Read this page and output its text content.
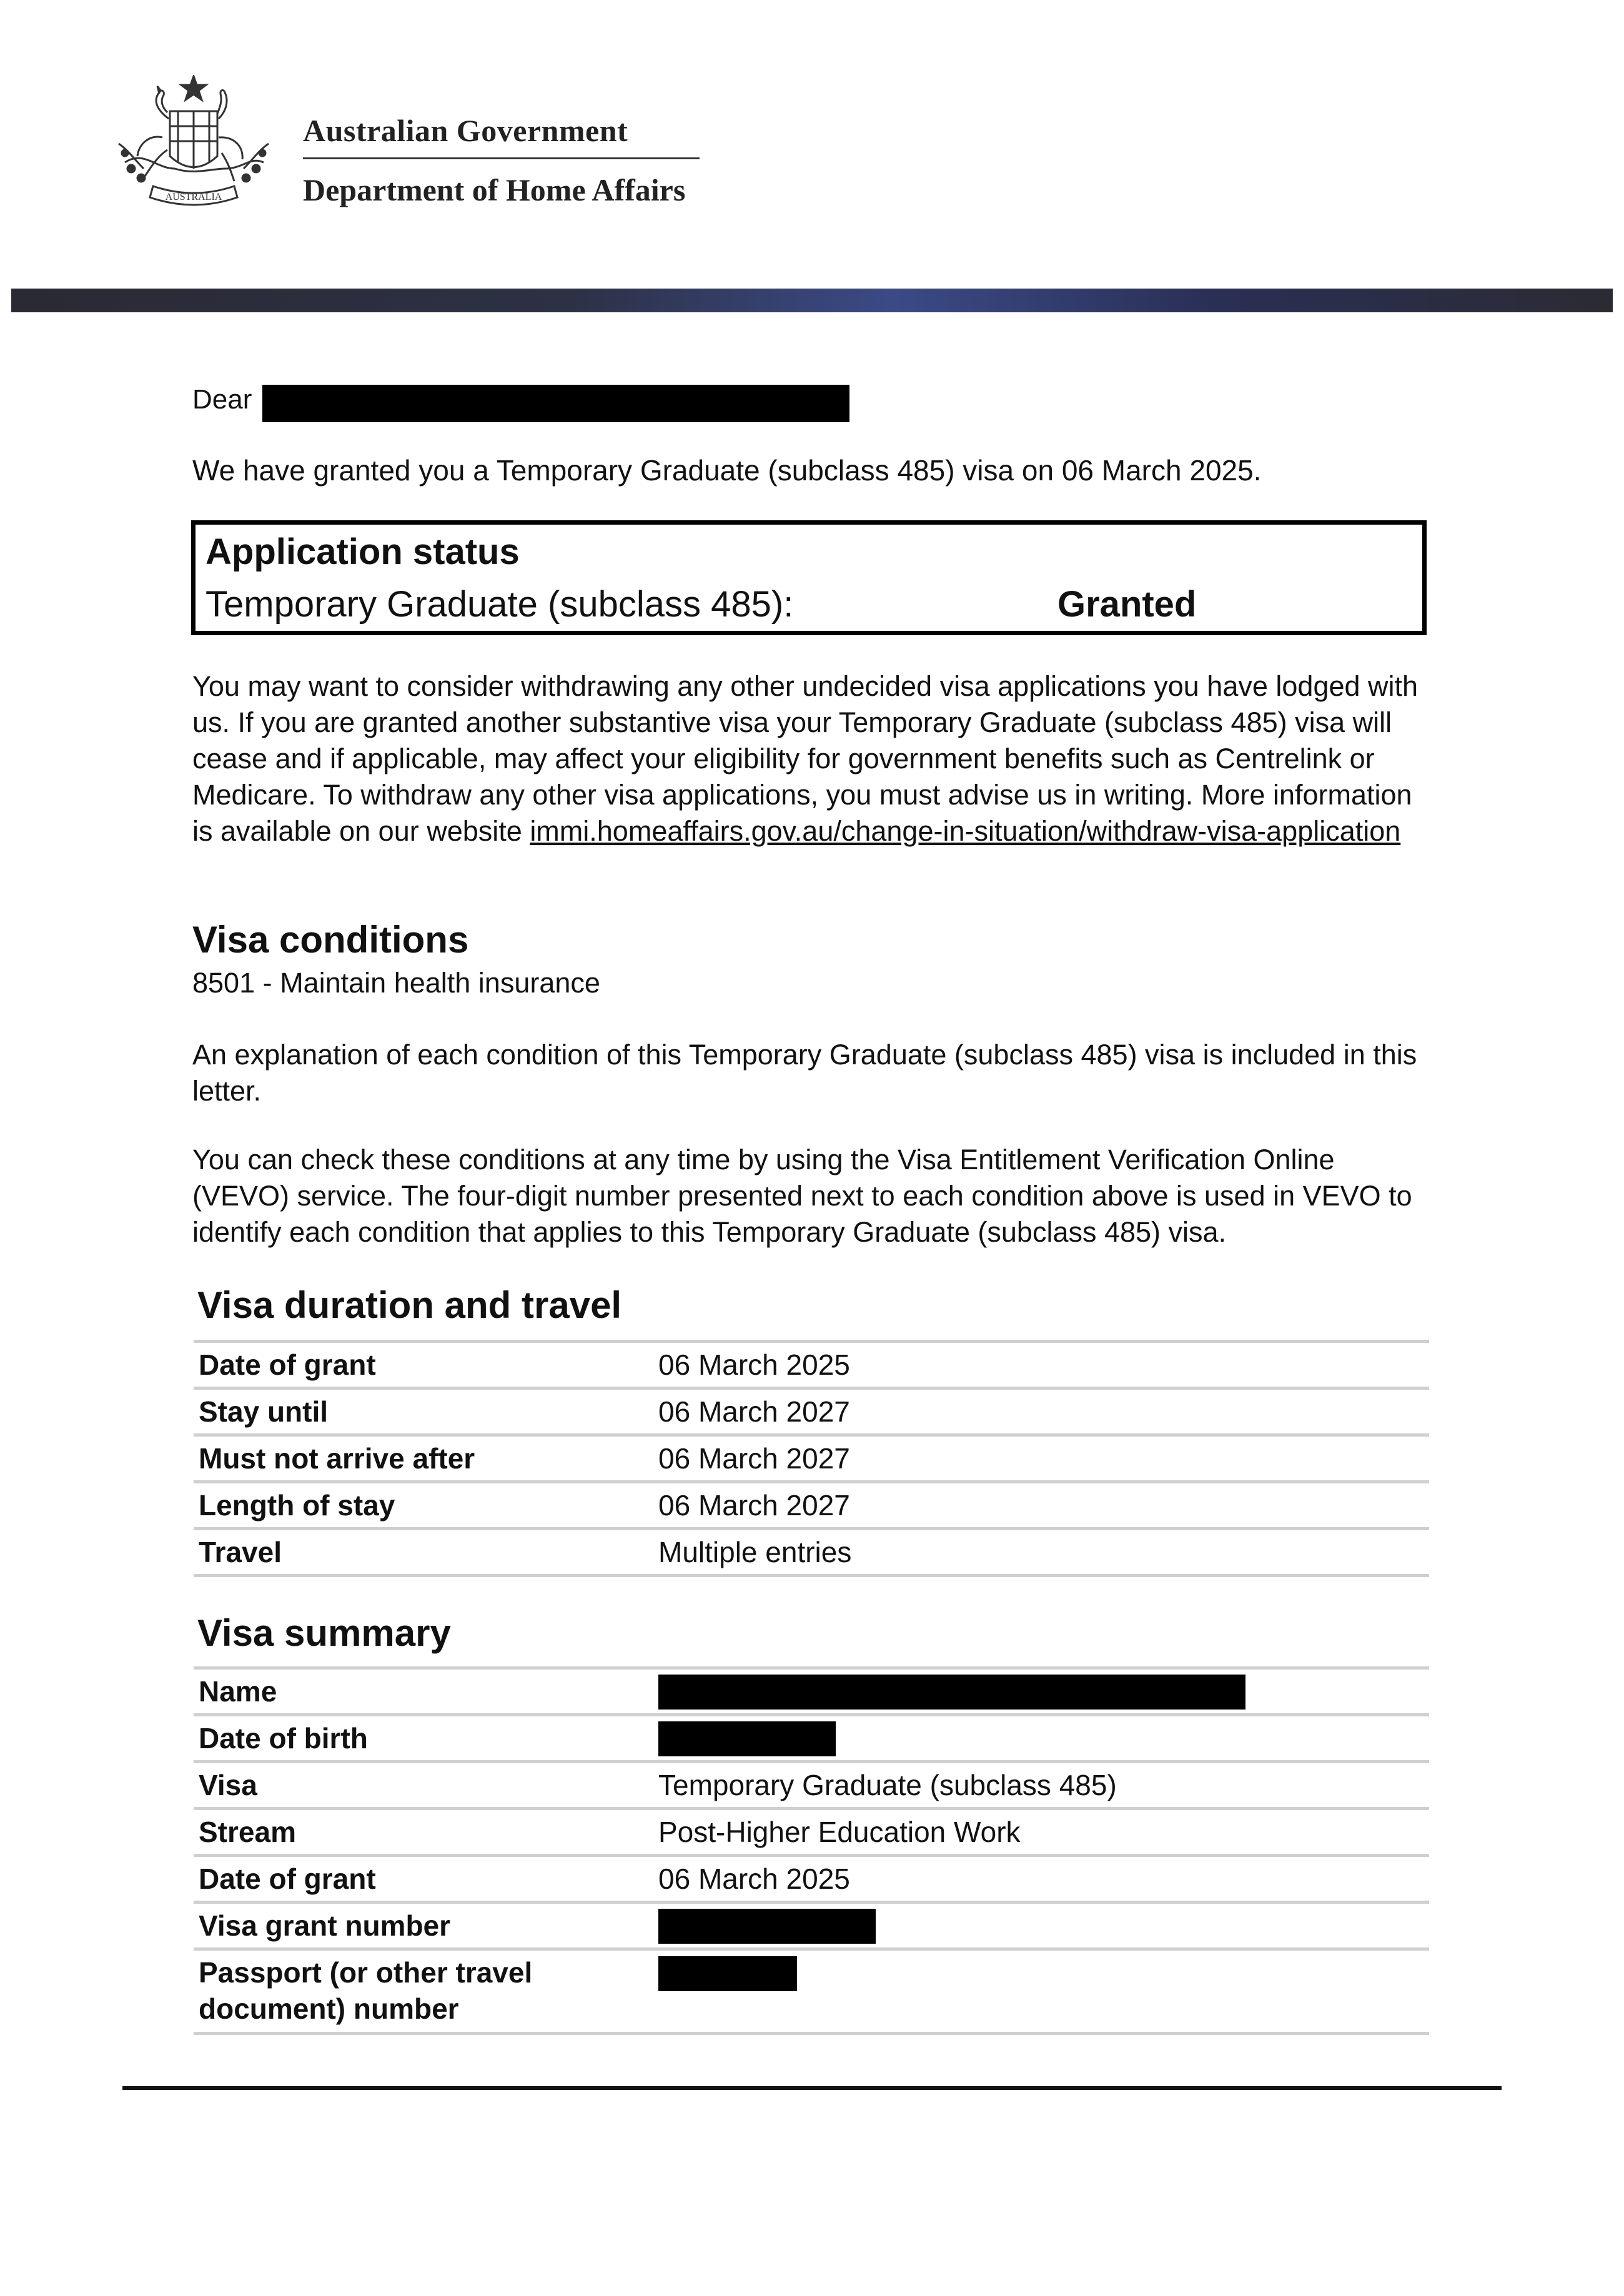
AUSTRALIA
Australian Government
Department of Home Affairs
Dear
We have granted you a Temporary Graduate (subclass 485) visa on 06 March 2025.
Application status
Temporary Graduate (subclass 485):	Granted
You may want to consider withdrawing any other undecided visa applications you have lodged with us. If you are granted another substantive visa your Temporary Graduate (subclass 485) visa will cease and if applicable, may affect your eligibility for government benefits such as Centrelink or Medicare. To withdraw any other visa applications, you must advise us in writing. More information is available on our website immi.homeaffairs.gov.au/change-in-situation/withdraw-visa-application
Visa conditions
8501 - Maintain health insurance
An explanation of each condition of this Temporary Graduate (subclass 485) visa is included in this letter.
You can check these conditions at any time by using the Visa Entitlement Verification Online (VEVO) service. The four-digit number presented next to each condition above is used in VEVO to identify each condition that applies to this Temporary Graduate (subclass 485) visa.
Visa duration and travel
Date of grant	06 March 2025
Stay until	06 March 2027
Must not arrive after	06 March 2027
Length of stay	06 March 2027
Travel	Multiple entries
Visa summary
Name	
Date of birth	
Visa	Temporary Graduate (subclass 485)
Stream	Post-Higher Education Work
Date of grant	06 March 2025
Visa grant number	
Passport (or other travel document) number	
